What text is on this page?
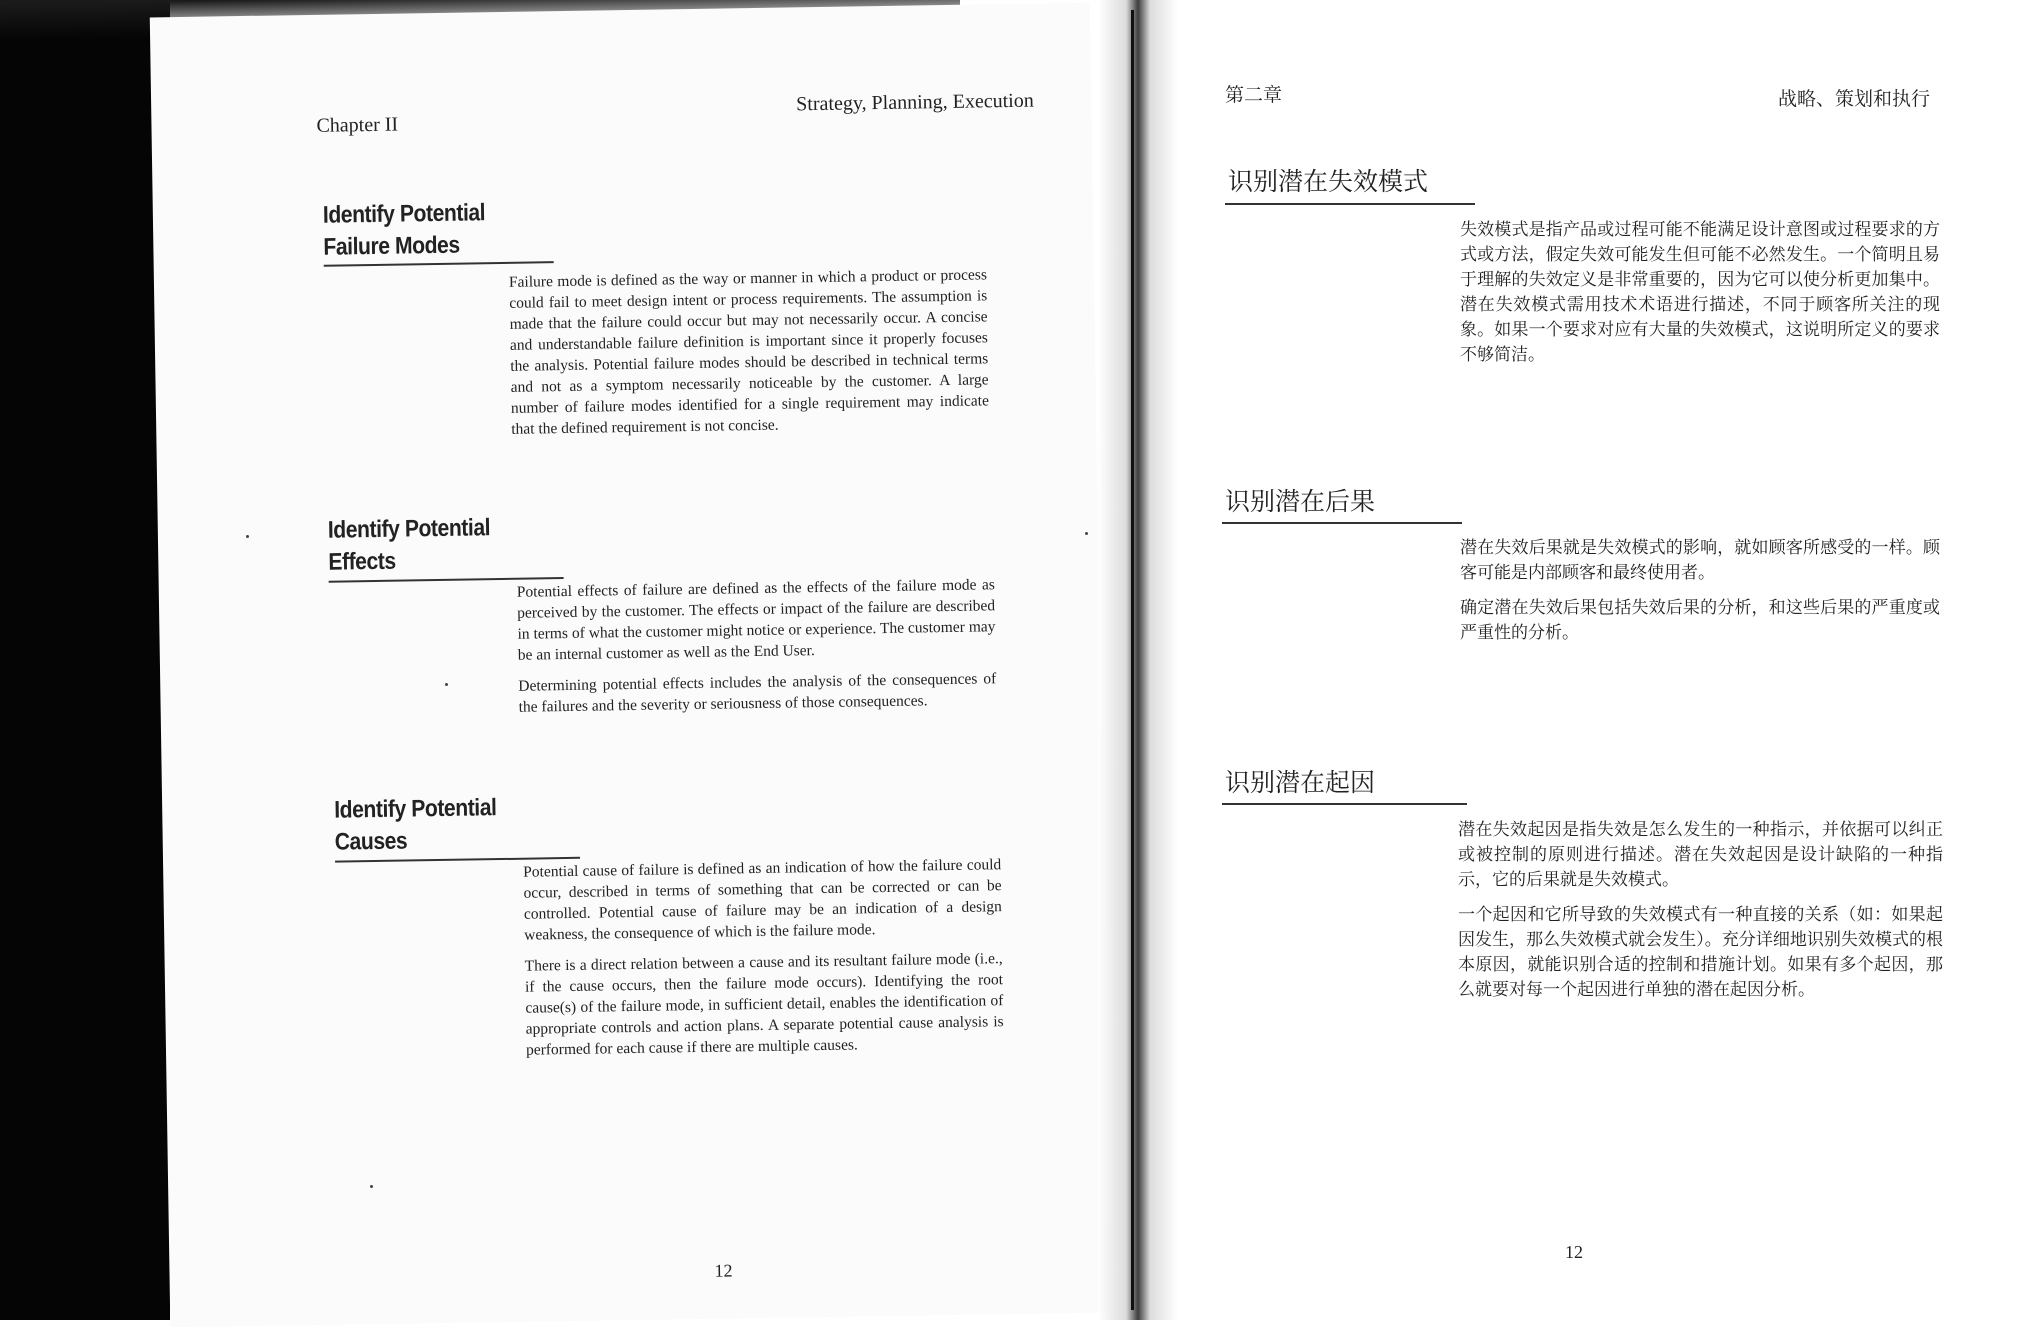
Chapter II
Strategy, Planning, Execution
Identify Potential
Failure Modes

Failure mode is defined as the way or manner in which a product or process could fail to meet design intent or process requirements. The assumption is made that the failure could occur but may not necessarily occur. A concise and understandable failure definition is important since it properly focuses the analysis. Potential failure modes should be described in technical terms and not as a symptom necessarily noticeable by the customer. A large number of failure modes identified for a single requirement may indicate that the defined requirement is not concise.

Identify Potential
Effects

Potential effects of failure are defined as the effects of the failure mode as perceived by the customer. The effects or impact of the failure are described in terms of what the customer might notice or experience. The customer may be an internal customer as well as the End User.

Determining potential effects includes the analysis of the consequences of the failures and the severity or seriousness of those consequences.

Identify Potential
Causes

Potential cause of failure is defined as an indication of how the failure could occur, described in terms of something that can be corrected or can be controlled. Potential cause of failure may be an indication of a design weakness, the consequence of which is the failure mode.

There is a direct relation between a cause and its resultant failure mode (i.e., if the cause occurs, then the failure mode occurs). Identifying the root cause(s) of the failure mode, in sufficient detail, enables the identification of appropriate controls and action plans. A separate potential cause analysis is performed for each cause if there are multiple causes.

12
第二章	战略、策划和执行
识别潜在失效模式

失效模式是指产品或过程可能不能满足设计意图或过程要求的方式或方法，假定失效可能发生但可能不必然发生。一个简明且易于理解的失效定义是非常重要的，因为它可以使分析更加集中。潜在失效模式需用技术术语进行描述，不同于顾客所关注的现象。如果一个要求对应有大量的失效模式，这说明所定义的要求不够简洁。

识别潜在后果

潜在失效后果就是失效模式的影响，就如顾客所感受的一样。顾客可能是内部顾客和最终使用者。

确定潜在失效后果包括失效后果的分析，和这些后果的严重度或严重性的分析。

识别潜在起因

潜在失效起因是指失效是怎么发生的一种指示，并依据可以纠正或被控制的原则进行描述。潜在失效起因是设计缺陷的一种指示，它的后果就是失效模式。

一个起因和它所导致的失效模式有一种直接的关系（如：如果起因发生，那么失效模式就会发生）。充分详细地识别失效模式的根本原因，就能识别合适的控制和措施计划。如果有多个起因，那么就要对每一个起因进行单独的潜在起因分析。

12
